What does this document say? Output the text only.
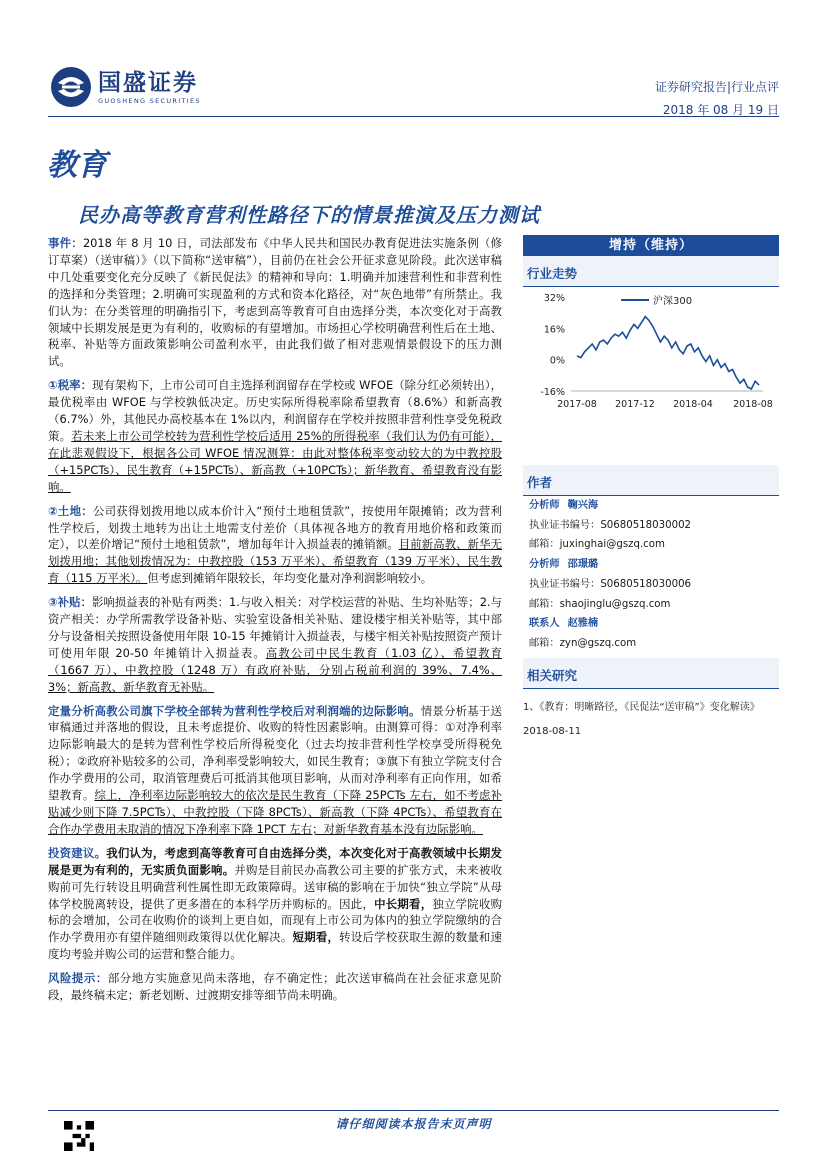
国盛证券
GUOSHENG SECURITIES
证券研究报告|行业点评
2018 年 08 月 19 日
教育
民办高等教育营利性路径下的情景推演及压力测试

事件：2018 年 8 月 10 日，司法部发布《中华人民共和国民办教育促进法实施条例（修订草案）（送审稿）》（以下简称“送审稿”），目前仍在社会公开征求意见阶段。此次送审稿中几处重要变化充分反映了《新民促法》的精神和导向：1.明确并加速营利性和非营利性的选择和分类管理；2.明确可实现盈利的方式和资本化路径，对“灰色地带”有所禁止。我们认为：在分类管理的明确指引下，考虑到高等教育可自由选择分类，本次变化对于高教领域中长期发展是更为有利的，收购标的有望增加。市场担心学校明确营利性后在土地、税率、补贴等方面政策影响公司盈利水平，由此我们做了相对悲观情景假设下的压力测试。

①税率：现有架构下，上市公司可自主选择利润留存在学校或 WFOE（除分红必须转出），最优税率由 WFOE 与学校孰低决定。历史实际所得税率除希望教育（8.6%）和新高教（6.7%）外，其他民办高校基本在 1%以内，利润留存在学校并按照非营利性享受免税政策。若未来上市公司学校转为营利性学校后适用 25%的所得税率（我们认为仍有可能），在此悲观假设下，根据各公司 WFOE 情况测算：由此对整体税率变动较大的为中教控股（+15PCTs）、民生教育（+15PCTs）、新高教（+10PCTs）；新华教育、希望教育没有影响。

②土地：公司获得划拨用地以成本价计入“预付土地租赁款”，按使用年限摊销；改为营利性学校后，划拨土地转为出让土地需支付差价（具体视各地方的教育用地价格和政策而定），以差价增记“预付土地租赁款”，增加每年计入损益表的摊销额。目前新高教、新华无划拨用地；其他划拨情况为：中教控股（153 万平米）、希望教育（139 万平米）、民生教育（115 万平米）。但考虑到摊销年限较长，年均变化量对净利润影响较小。

③补贴：影响损益表的补贴有两类：1.与收入相关：对学校运营的补贴、生均补贴等；2.与资产相关：办学所需教学设备补贴、实验室设备相关补贴、建设楼宇相关补贴等，其中部分与设备相关按照设备使用年限 10-15 年摊销计入损益表，与楼宇相关补贴按照资产预计可使用年限 20-50 年摊销计入损益表。高教公司中民生教育（1.03 亿）、希望教育（1667 万）、中教控股（1248 万）有政府补贴，分别占税前利润的 39%、7.4%、3%；新高教、新华教育无补贴。

定量分析高教公司旗下学校全部转为营利性学校后对利润端的边际影响。情景分析基于送审稿通过并落地的假设，且未考虑提价、收购的特性因素影响。由测算可得：①对净利率边际影响最大的是转为营利性学校后所得税变化（过去均按非营利性学校享受所得税免税）；②政府补贴较多的公司，净利率受影响较大，如民生教育；③旗下有独立学院支付合作办学费用的公司，取消管理费后可抵消其他项目影响，从而对净利率有正向作用，如希望教育。综上，净利率边际影响较大的依次是民生教育（下降 25PCTs 左右，如不考虑补贴减少则下降 7.5PCTs）、中教控股（下降 8PCTs）、新高教（下降 4PCTs）、希望教育在合作办学费用未取消的情况下净利率下降 1PCT 左右；对新华教育基本没有边际影响。

投资建议。我们认为，考虑到高等教育可自由选择分类，本次变化对于高教领域中长期发展是更为有利的，无实质负面影响。并购是目前民办高教公司主要的扩张方式，未来被收购前可先行转设且明确营利性属性即无政策障碍。送审稿的影响在于加快“独立学院”从母体学校脱离转设，提供了更多潜在的本科学历并购标的。因此，中长期看，独立学院收购标的会增加，公司在收购价的谈判上更自如，而现有上市公司为体内的独立学院缴纳的合作办学费用亦有望伴随细则政策得以优化解决。短期看，转设后学校获取生源的数量和速度均考验并购公司的运营和整合能力。

风险提示：部分地方实施意见尚未落地，存不确定性；此次送审稿尚在社会征求意见阶段，最终稿未定；新老划断、过渡期安排等细节尚未明确。

增持（维持）
行业走势
32%
16%
0%
-16%
2017-08 2017-12 2018-04 2018-08
沪深300
作者
分析师 鞠兴海
执业证书编号：S0680518030002
邮箱：juxinghai@gszq.com
分析师 邵璟璐
执业证书编号：S0680518030006
邮箱：shaojinglu@gszq.com
联系人 赵雅楠
邮箱：zyn@gszq.com
相关研究
1、《教育：明晰路径，《民促法“送审稿”》变化解读》
2018-08-11
请仔细阅读本报告末页声明
